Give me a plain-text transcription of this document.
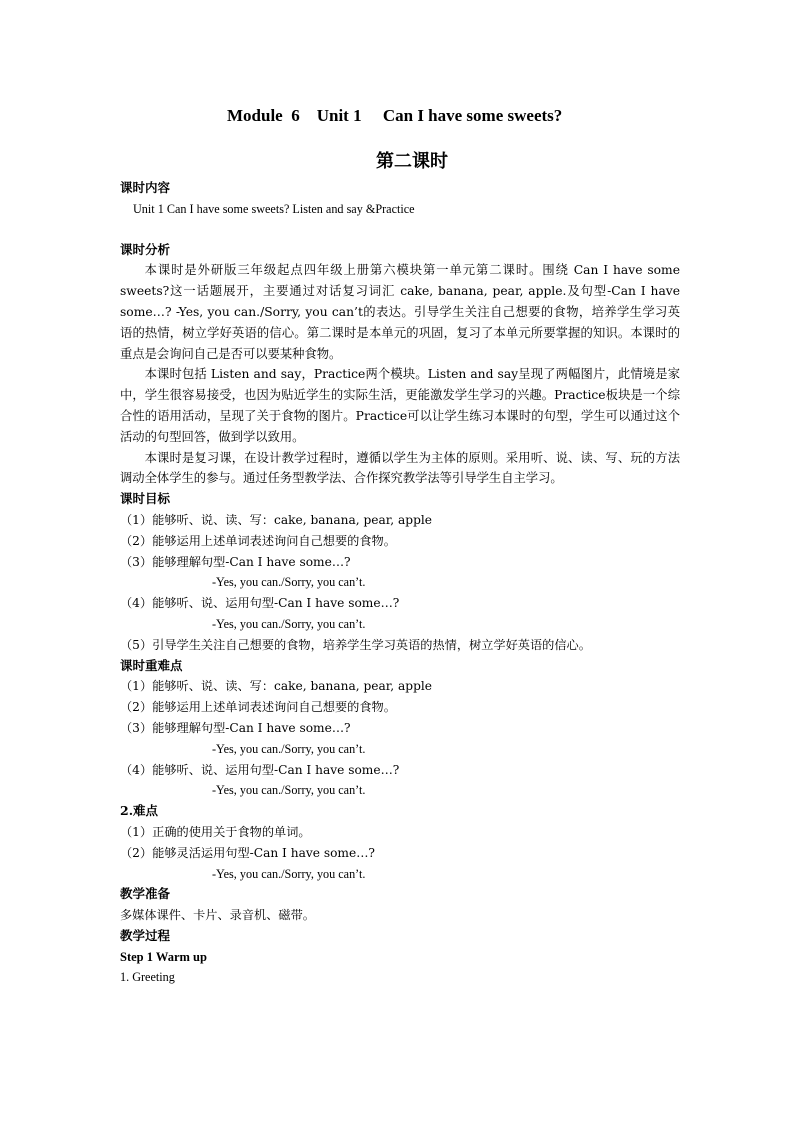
Module  6    Unit 1     Can I have some sweets?
第二课时
课时内容
Unit 1 Can I have some sweets? Listen and say &Practice
课时分析
本课时是外研版三年级起点四年级上册第六模块第一单元第二课时。围绕 Can I have some sweets?这一话题展开，主要通过对话复习词汇 cake, banana, pear, apple.及句型-Can I have some…? -Yes, you can./Sorry, you can’t的表达。引导学生关注自己想要的食物，培养学生学习英语的热情，树立学好英语的信心。第二课时是本单元的巩固，复习了本单元所要掌握的知识。本课时的重点是会询问自己是否可以要某种食物。
本课时包括 Listen and say，Practice两个模块。Listen and say呈现了两幅图片，此情境是家中，学生很容易接受，也因为贴近学生的实际生活，更能激发学生学习的兴趣。Practice板块是一个综合性的语用活动，呈现了关于食物的图片。Practice可以让学生练习本课时的句型，学生可以通过这个活动的句型回答，做到学以致用。
本课时是复习课，在设计教学过程时，遵循以学生为主体的原则。采用听、说、读、写、玩的方法调动全体学生的参与。通过任务型教学法、合作探究教学法等引导学生自主学习。
课时目标
（1）能够听、说、读、写：cake, banana, pear, apple
（2）能够运用上述单词表述询问自己想要的食物。
（3）能够理解句型-Can I have some…?
-Yes, you can./Sorry, you can’t.
（4）能够听、说、运用句型-Can I have some…?
-Yes, you can./Sorry, you can’t.
（5）引导学生关注自己想要的食物，培养学生学习英语的热情，树立学好英语的信心。
课时重难点
（1）能够听、说、读、写：cake, banana, pear, apple
（2）能够运用上述单词表述询问自己想要的食物。
（3）能够理解句型-Can I have some…?
-Yes, you can./Sorry, you can’t.
（4）能够听、说、运用句型-Can I have some…?
-Yes, you can./Sorry, you can’t.
2.难点
（1）正确的使用关于食物的单词。
（2）能够灵活运用句型-Can I have some…?
-Yes, you can./Sorry, you can’t.
教学准备
多媒体课件、卡片、录音机、磁带。
教学过程
Step 1 Warm up
1. Greeting
